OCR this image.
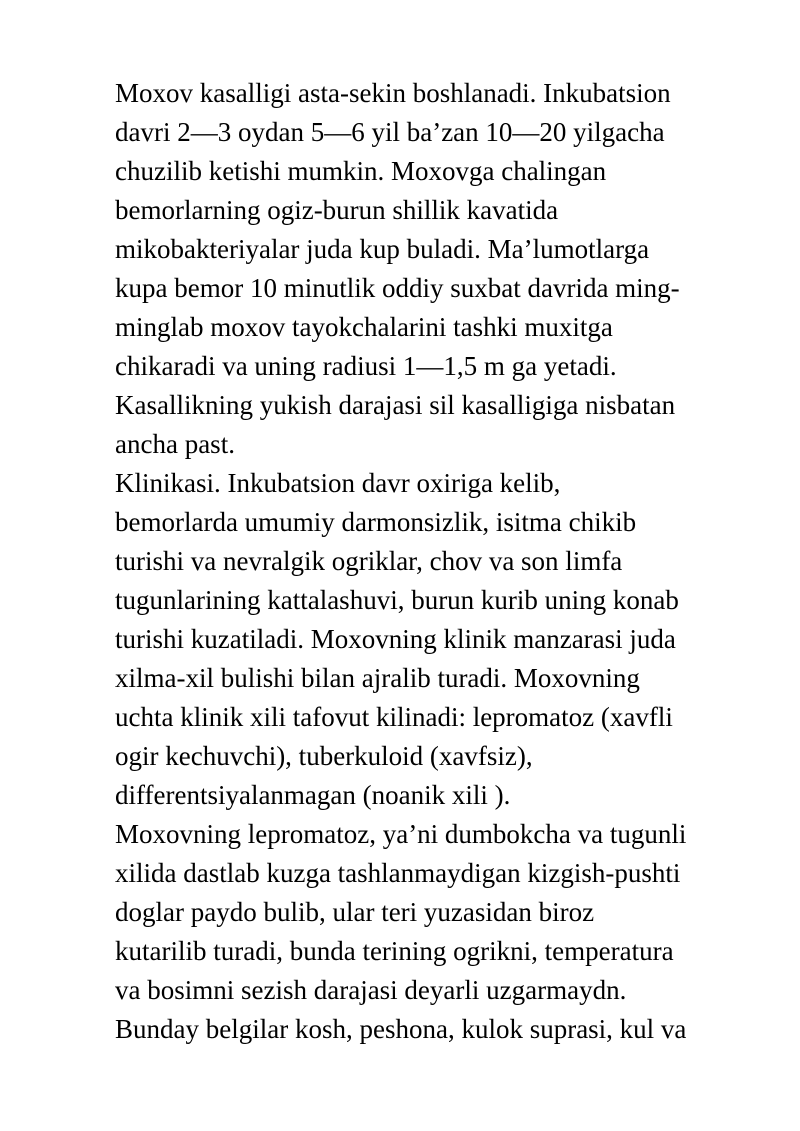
Moxov kasalligi asta-sekin boshlanadi. Inkubatsion
davri 2—3 oydan 5—6 yil ba’zan 10—20 yilgacha
chuzilib ketishi mumkin. Moxovga chalingan
bemorlarning ogiz-burun shillik kavatida
mikobakteriyalar juda kup buladi. Ma’lumotlarga
kupa bemor 10 minutlik oddiy suxbat davrida ming-
minglab moxov tayokchalarini tashki muxitga
chikaradi va uning radiusi 1—1,5 m ga yetadi.
Kasallikning yukish darajasi sil kasalligiga nisbatan
ancha past.
Klinikasi. Inkubatsion davr oxiriga kelib,
bemorlarda umumiy darmonsizlik, isitma chikib
turishi va nevralgik ogriklar, chov va son limfa
tugunlarining kattalashuvi, burun kurib uning konab
turishi kuzatiladi. Moxovning klinik manzarasi juda
xilma-xil bulishi bilan ajralib turadi. Moxovning
uchta klinik xili tafovut kilinadi: lepromatoz (xavfli
ogir kechuvchi), tuberkuloid (xavfsiz),
differentsiyalanmagan (noanik xili ).
Moxovning lepromatoz, ya’ni dumbokcha va tugunli
xilida dastlab kuzga tashlanmaydigan kizgish-pushti
doglar paydo bulib, ular teri yuzasidan biroz
kutarilib turadi, bunda terining ogrikni, temperatura
va bosimni sezish darajasi deyarli uzgarmaydn.
Bunday belgilar kosh, peshona, kulok suprasi, kul va
